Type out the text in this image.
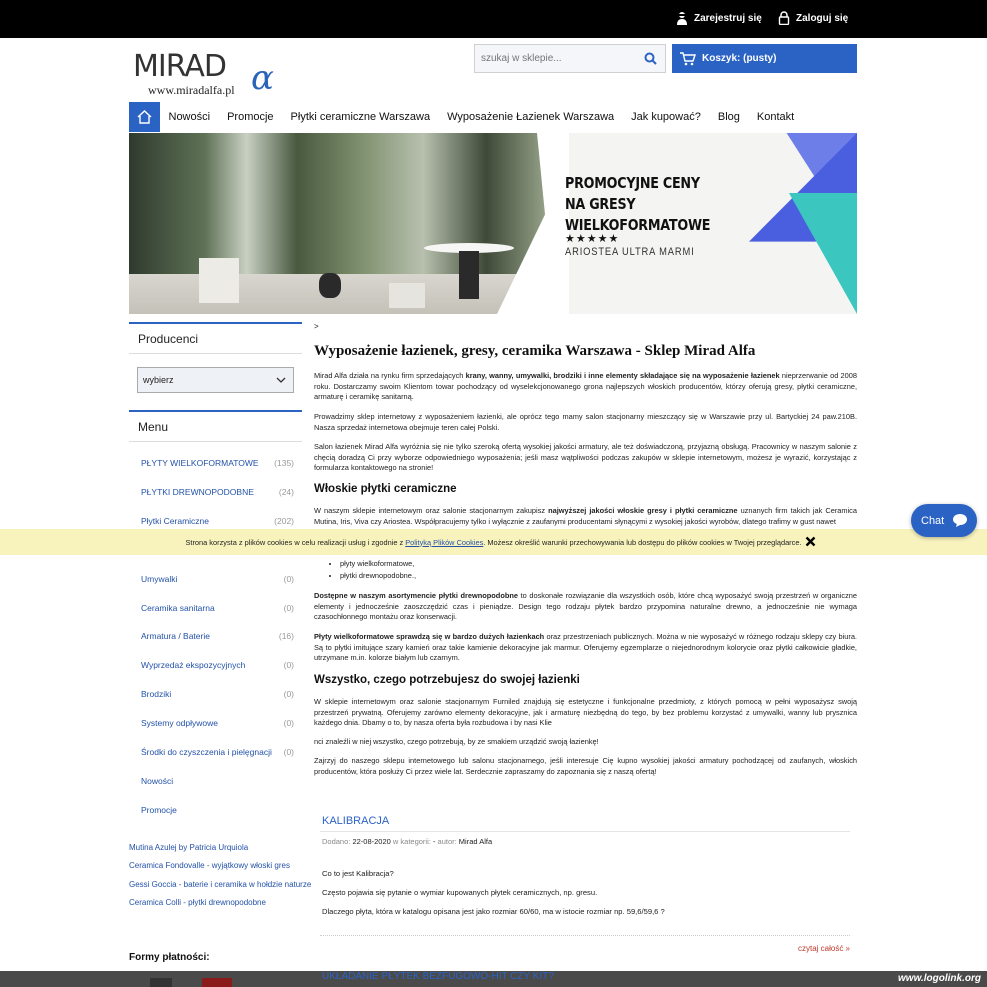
Zarejestruj się	Zaloguj się
MIRAD α
www.miradalfa.pl
szukaj w sklepie...
Koszyk: (pusty)
Nowości	Promocje	Płytki ceramiczne Warszawa	Wyposażenie Łazienek Warszawa	Jak kupować?	Blog	Kontakt
PROMOCYJNE CENY
NA GRESY
WIELKOFORMATOWE
★★★★★
ARIOSTEA ULTRA MARMI
Producenci
wybierz
Menu
PŁYTY WIELKOFORMATOWE (135)
PŁYTKI DREWNOPODOBNE	(24)
Płytki Ceramiczne	(202)
Umywalki	(0)
Ceramika sanitarna	(0)
Armatura / Baterie	(16)
Wyprzedaż ekspozycyjnych	(0)
Brodziki	(0)
Systemy odpływowe	(0)
Środki do czyszczenia i pielęgnacji (0)
Nowości
Promocje
Mutina Azulej by Patricia Urquiola
Ceramica Fondovalle - wyjątkowy włoski gres
Gessi Goccia - baterie i ceramika w hołdzie naturze
Ceramica Colli - płytki drewnopodobne
Formy płatności:
>
Wyposażenie łazienek, gresy, ceramika Warszawa - Sklep Mirad Alfa
Mirad Alfa działa na rynku firm sprzedających krany, wanny, umywalki, brodziki i inne elementy składające się na wyposażenie łazienek nieprzerwanie od 2008 roku. Dostarczamy swoim Klientom towar pochodzący od wyselekcjonowanego grona najlepszych włoskich producentów, którzy oferują gresy, płytki ceramiczne, armaturę i ceramikę sanitarną.
Prowadzimy sklep internetowy z wyposażeniem łazienki, ale oprócz tego mamy salon stacjonarny mieszczący się w Warszawie przy ul. Bartyckiej 24 paw.210B. Nasza sprzedaż internetowa obejmuje teren całej Polski.
Salon łazienek Mirad Alfa wyróżnia się nie tylko szeroką ofertą wysokiej jakości armatury, ale też doświadczoną, przyjazną obsługą. Pracownicy w naszym salonie z chęcią doradzą Ci przy wyborze odpowiedniego wyposażenia; jeśli masz wątpliwości podczas zakupów w sklepie internetowym, możesz je wyrazić, korzystając z formularza kontaktowego na stronie!
Włoskie płytki ceramiczne
W naszym sklepie internetowym oraz salonie stacjonarnym zakupisz najwyższej jakości włoskie gresy i płytki ceramiczne uznanych firm takich jak Ceramica Mutina, Iris, Viva czy Ariostea. Współpracujemy tylko i wyłącznie z zaufanymi producentami słynącymi z wysokiej jakości wyrobów, dlatego trafimy w gust nawet
• płyty wielkoformatowe,
• płytki drewnopodobne.,
Dostępne w naszym asortymencie płytki drewnopodobne to doskonałe rozwiązanie dla wszystkich osób, które chcą wyposażyć swoją przestrzeń w organiczne elementy i jednocześnie zaoszczędzić czas i pieniądze. Design tego rodzaju płytek bardzo przypomina naturalne drewno, a jednocześnie nie wymaga czasochłonnego montażu oraz konserwacji.
Płyty wielkoformatowe sprawdzą się w bardzo dużych łazienkach oraz przestrzeniach publicznych. Można w nie wyposażyć w różnego rodzaju sklepy czy biura. Są to płytki imitujące szary kamień oraz takie kamienie dekoracyjne jak marmur. Oferujemy egzemplarze o niejednorodnym kolorycie oraz płytki całkowicie gładkie, utrzymane m.in. kolorze białym lub czarnym.
Wszystko, czego potrzebujesz do swojej łazienki
W sklepie internetowym oraz salonie stacjonarnym Furniled znajdują się estetyczne i funkcjonalne przedmioty, z których pomocą w pełni wyposażysz swoją przestrzeń prywatną. Oferujemy zarówno elementy dekoracyjne, jak i armaturę niezbędną do tego, by bez problemu korzystać z umywalki, wanny lub prysznica każdego dnia. Dbamy o to, by nasza oferta była rozbudowa i by nasi Klie
nci znaleźli w niej wszystko, czego potrzebują, by ze smakiem urządzić swoją łazienkę!
Zajrzyj do naszego sklepu internetowego lub salonu stacjonarnego, jeśli interesuje Cię kupno wysokiej jakości armatury pochodzącej od zaufanych, włoskich producentów, która posłuży Ci przez wiele lat. Serdecznie zapraszamy do zapoznania się z naszą ofertą!
KALIBRACJA
Dodano: 22-08-2020 w kategorii: - autor: Mirad Alfa
Co to jest Kalibracja?
Często pojawia się pytanie o wymiar kupowanych płytek ceramicznych, np. gresu.
Dlaczego płyta, która w katalogu opisana jest jako rozmiar 60/60, ma w istocie rozmiar np. 59,6/59,6 ?
czytaj całość »
Strona korzysta z plików cookies w celu realizacji usług i zgodnie z Polityką Plików Cookies. Możesz określić warunki przechowywania lub dostępu do plików cookies w Twojej przeglądarce.
Chat
www.logolink.org
UKŁADANIE PŁYTEK BEZFUGOWO-HIT CZY KIT?
